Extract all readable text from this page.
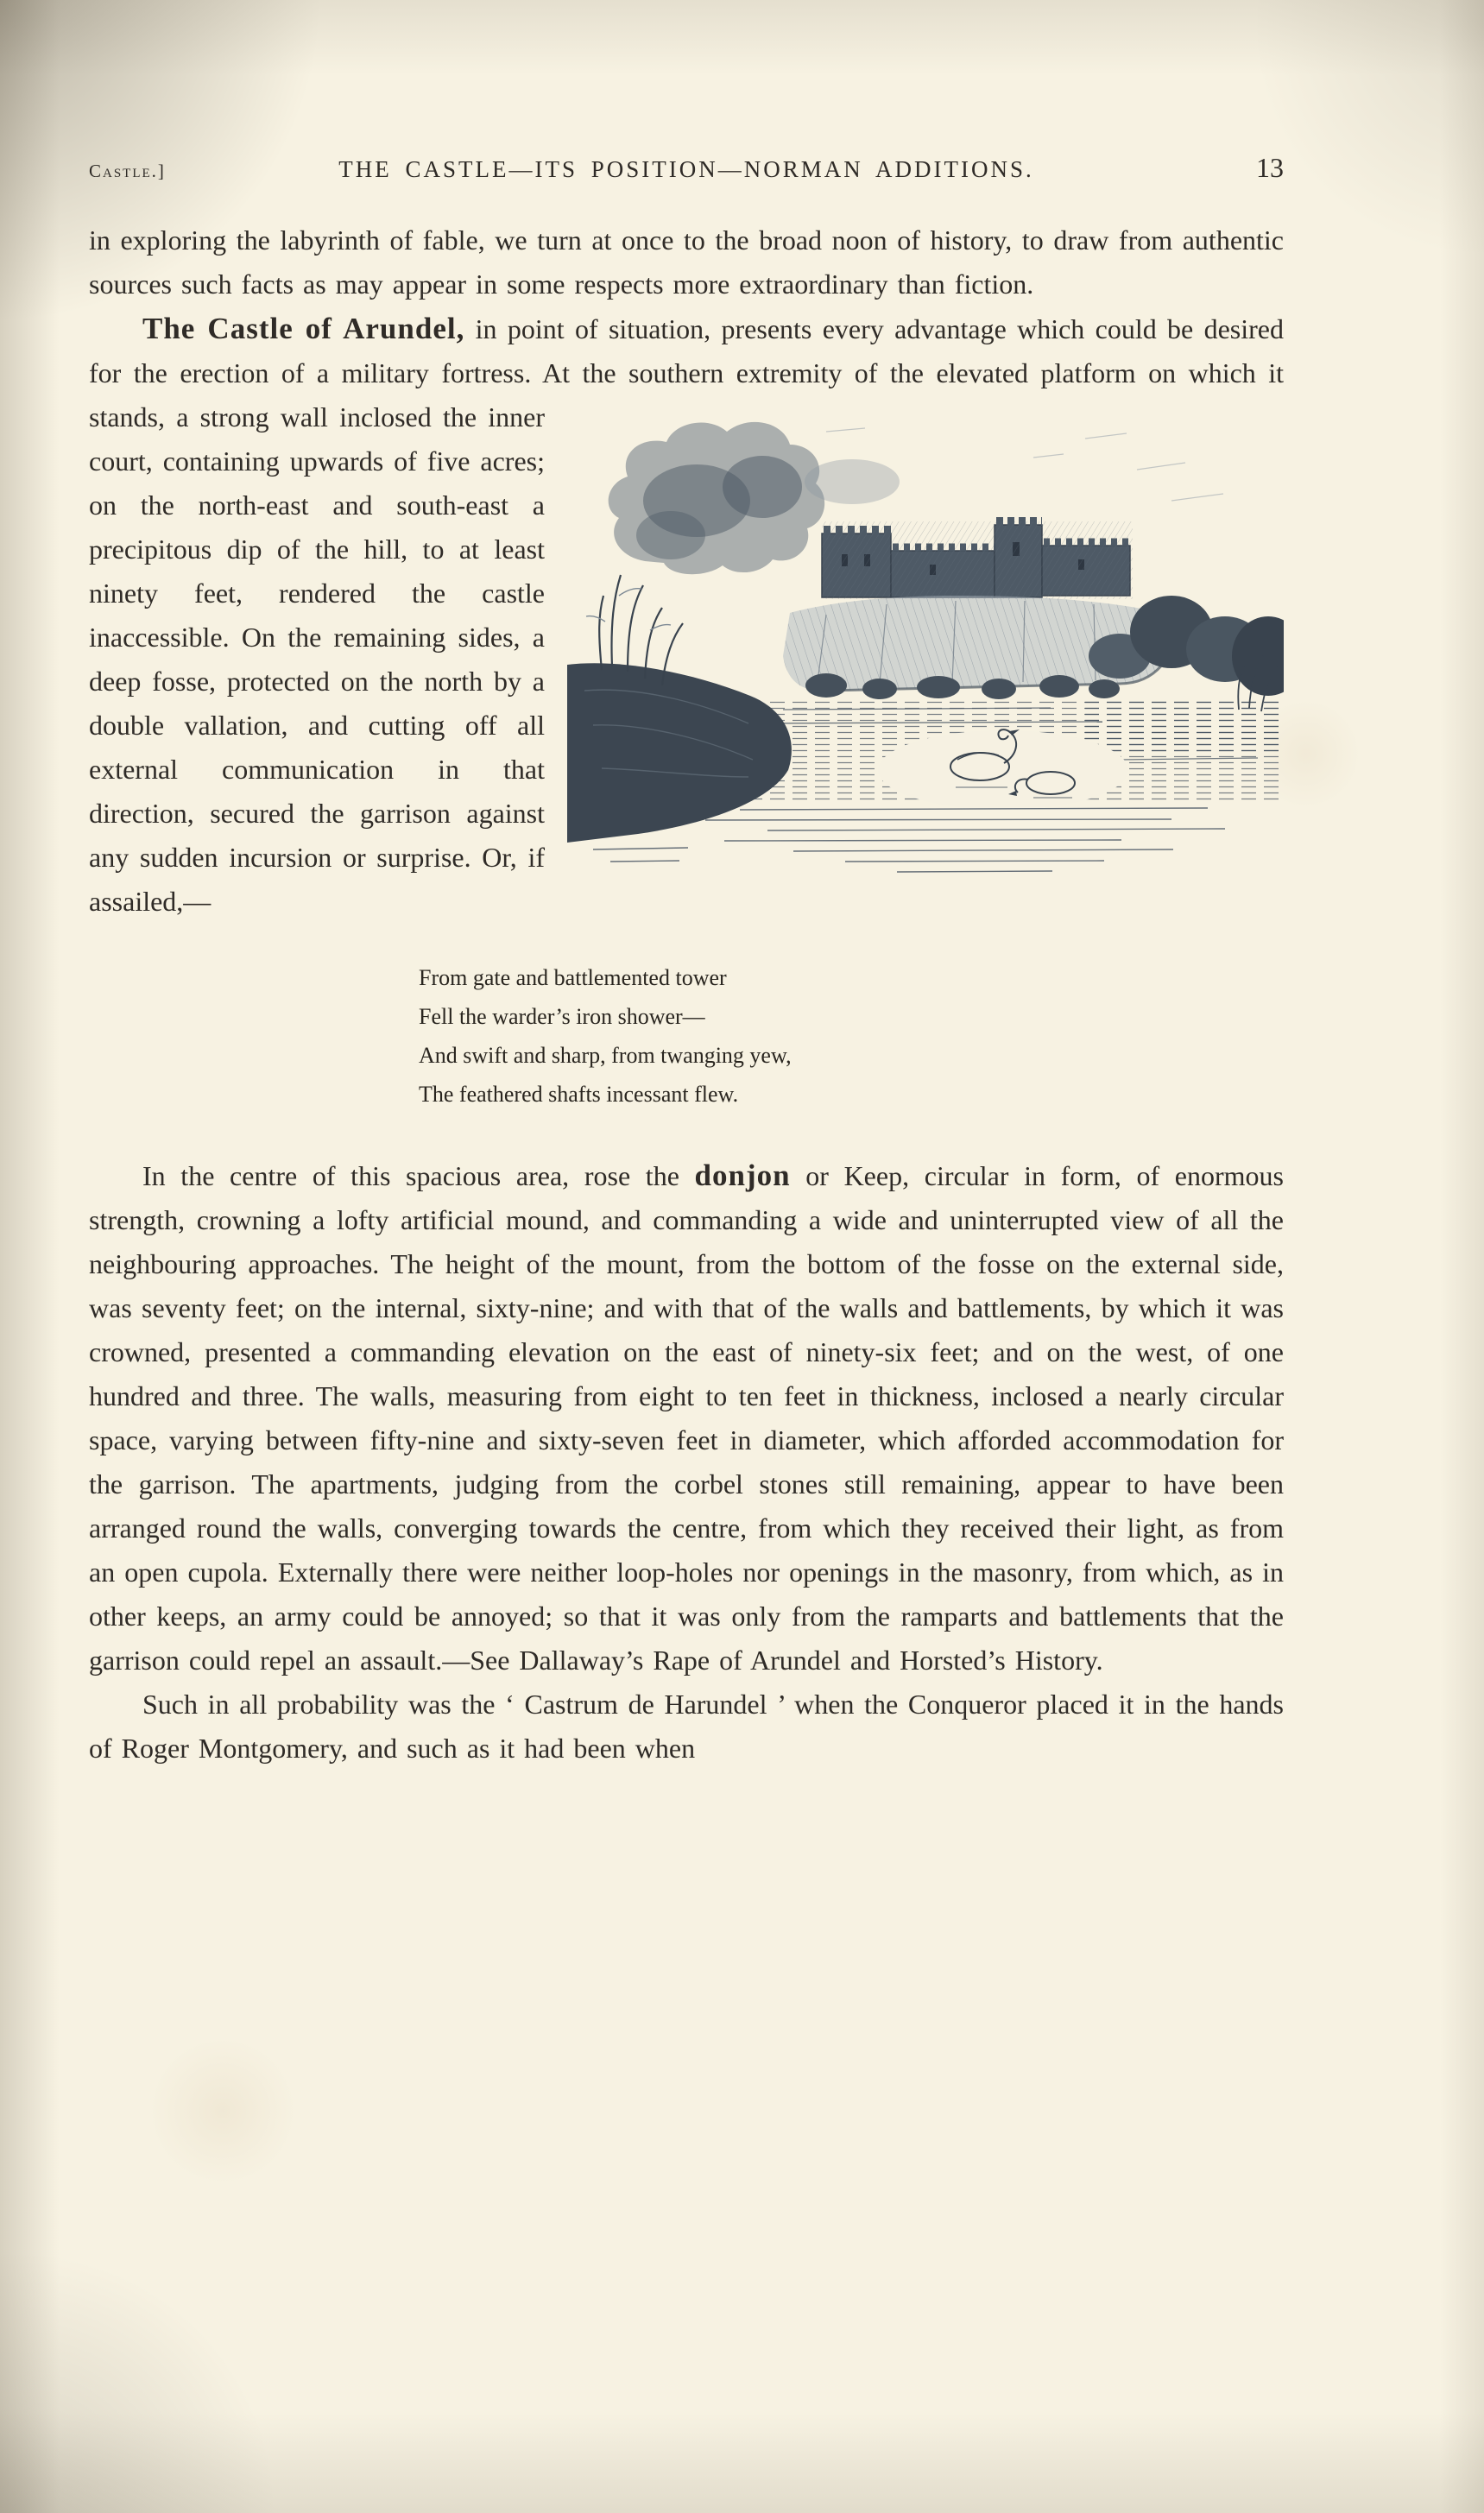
Castle.]	THE CASTLE—ITS POSITION—NORMAN ADDITIONS.	13

in exploring the labyrinth of fable, we turn at once to the broad noon of history, to draw from authentic sources such facts as may appear in some respects more extraordinary than fiction.

The Castle of Arundel, in point of situation, presents every advantage which could be desired for the erection of a military fortress. At the southern extremity of the elevated platform on which it stands, a strong wall inclosed the inner court, containing upwards of five acres; on the north-east and south-east a precipitous dip of the hill, to at least ninety feet, rendered the castle inaccessible. On the remaining sides, a deep fosse, protected on the north by a double vallation, and cutting off all external communication in that direction, secured the garrison against any sudden incursion or surprise. Or, if assailed,—

From gate and battlemented tower
Fell the warder’s iron shower—
And swift and sharp, from twanging yew,
The feathered shafts incessant flew.

In the centre of this spacious area, rose the donjon or Keep, circular in form, of enormous strength, crowning a lofty artificial mound, and commanding a wide and uninterrupted view of all the neighbouring approaches. The height of the mount, from the bottom of the fosse on the external side, was seventy feet; on the internal, sixty-nine; and with that of the walls and battlements, by which it was crowned, presented a commanding elevation on the east of ninety-six feet; and on the west, of one hundred and three. The walls, measuring from eight to ten feet in thickness, inclosed a nearly circular space, varying between fifty-nine and sixty-seven feet in diameter, which afforded accommodation for the garrison. The apartments, judging from the corbel stones still remaining, appear to have been arranged round the walls, converging towards the centre, from which they received their light, as from an open cupola. Externally there were neither loop-holes nor openings in the masonry, from which, as in other keeps, an army could be annoyed; so that it was only from the ramparts and battlements that the garrison could repel an assault.—See Dallaway’s Rape of Arundel and Horsted’s History.

Such in all probability was the ‘ Castrum de Harundel ’ when the Conqueror placed it in the hands of Roger Montgomery, and such as it had been when
